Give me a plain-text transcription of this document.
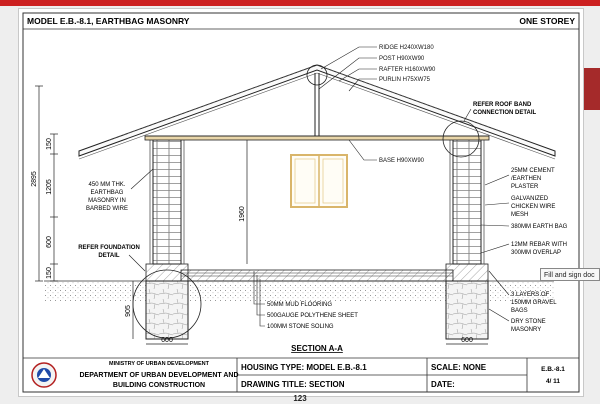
MODEL E.B.-8.1, EARTHBAG MASONRY	ONE STOREY
2895
150
1205
600
150
905
1960
600	600
RIDGE H240XW180
POST H90XW90
RAFTER H160XW90
PURLIN H75XW75
BASE H90XW90
REFER ROOF BAND
CONNECTION DETAIL
450 MM THK.
EARTHBAG
MASONRY IN
BARBED WIRE
REFER FOUNDATION
DETAIL
25MM CEMENT
/EARTHEN
PLASTER
GALVANIZED
CHICKEN WIRE
MESH
380MM EARTH BAG
12MM REBAR WITH
300MM OVERLAP
3 LAYERS OF
150MM GRAVEL
BAGS
DRY STONE
MASONRY
50MM MUD FLOORING
500GAUGE POLYTHENE SHEET
100MM STONE SOLING
SECTION A-A
MINISTRY OF URBAN DEVELOPMENT
DEPARTMENT OF URBAN DEVELOPMENT AND
BUILDING CONSTRUCTION
HOUSING TYPE: MODEL E.B.-8.1
DRAWING TITLE: SECTION
SCALE: NONE
DATE:
E.B.-8.1
4/ 11
123
Fill and sign doc
